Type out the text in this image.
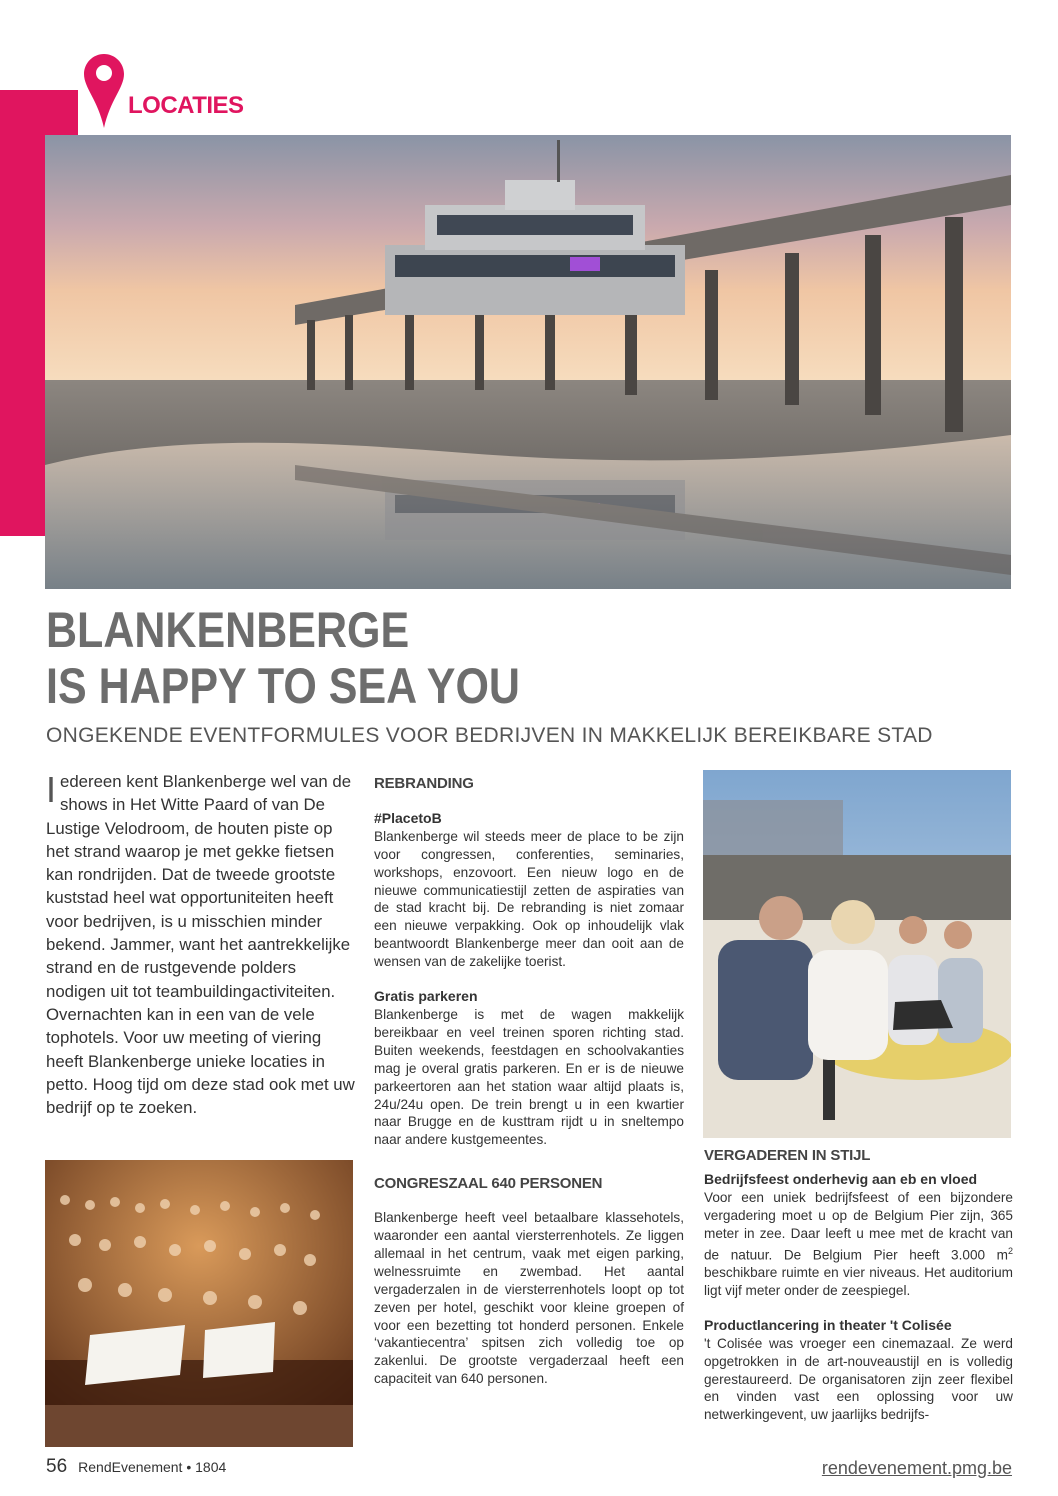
LOCATIES
BLANKENBERGE
IS HAPPY TO SEA YOU
ONGEKENDE EVENTFORMULES VOOR BEDRIJVEN IN MAKKELIJK BEREIKBARE STAD

Iedereen kent Blankenberge wel van de shows in Het Witte Paard of van De Lustige Velodroom, de houten piste op het strand waarop je met gekke fietsen kan rondrijden. Dat de tweede grootste kuststad heel wat opportuniteiten heeft voor bedrijven, is u misschien minder bekend. Jammer, want het aantrekkelijke strand en de rustgevende polders nodigen uit tot teambuildingactiviteiten. Overnachten kan in een van de vele tophotels. Voor uw meeting of viering heeft Blankenberge unieke locaties in petto. Hoog tijd om deze stad ook met uw bedrijf op te zoeken.

REBRANDING
#PlacetoB

Blankenberge wil steeds meer de place to be zijn voor congressen, conferenties, seminaries, workshops, enzovoort. Een nieuw logo en de nieuwe communicatiestijl zetten de aspiraties van de stad kracht bij. De rebranding is niet zomaar een nieuwe verpakking. Ook op inhoudelijk vlak beantwoordt Blankenberge meer dan ooit aan de wensen van de zakelijke toerist.

Gratis parkeren

Blankenberge is met de wagen makkelijk bereikbaar en veel treinen sporen richting stad. Buiten weekends, feestdagen en schoolvakanties mag je overal gratis parkeren. En er is de nieuwe parkeertoren aan het station waar altijd plaats is, 24u/24u open. De trein brengt u in een kwartier naar Brugge en de kusttram rijdt u in sneltempo naar andere kustgemeentes.

CONGRESZAAL 640 PERSONEN

Blankenberge heeft veel betaalbare klassehotels, waaronder een aantal viersterrenhotels. Ze liggen allemaal in het centrum, vaak met eigen parking, welnessruimte en zwembad. Het aantal vergaderzalen in de viersterrenhotels loopt op tot zeven per hotel, geschikt voor kleine groepen of voor een bezetting tot honderd personen. Enkele ‘vakantiecentra’ spitsen zich volledig toe op zakenlui. De grootste vergaderzaal heeft een capaciteit van 640 personen.

VERGADEREN IN STIJL
Bedrijfsfeest onderhevig aan eb en vloed

Voor een uniek bedrijfsfeest of een bijzondere vergadering moet u op de Belgium Pier zijn, 365 meter in zee. Daar leeft u mee met de kracht van de natuur. De Belgium Pier heeft 3.000 $m^2$ beschikbare ruimte en vier niveaus. Het auditorium ligt vijf meter onder de zeespiegel.

Productlancering in theater 't Colisée

't Colisée was vroeger een cinemazaal. Ze werd opgetrokken in de art-nouveaustijl en is volledig gerestaureerd. De organisatoren zijn zeer flexibel en vinden vast een oplossing voor uw netwerkingevent, uw jaarlijks bedrijfs-

56 RendEvenement • 1804	rendevenement.pmg.be
